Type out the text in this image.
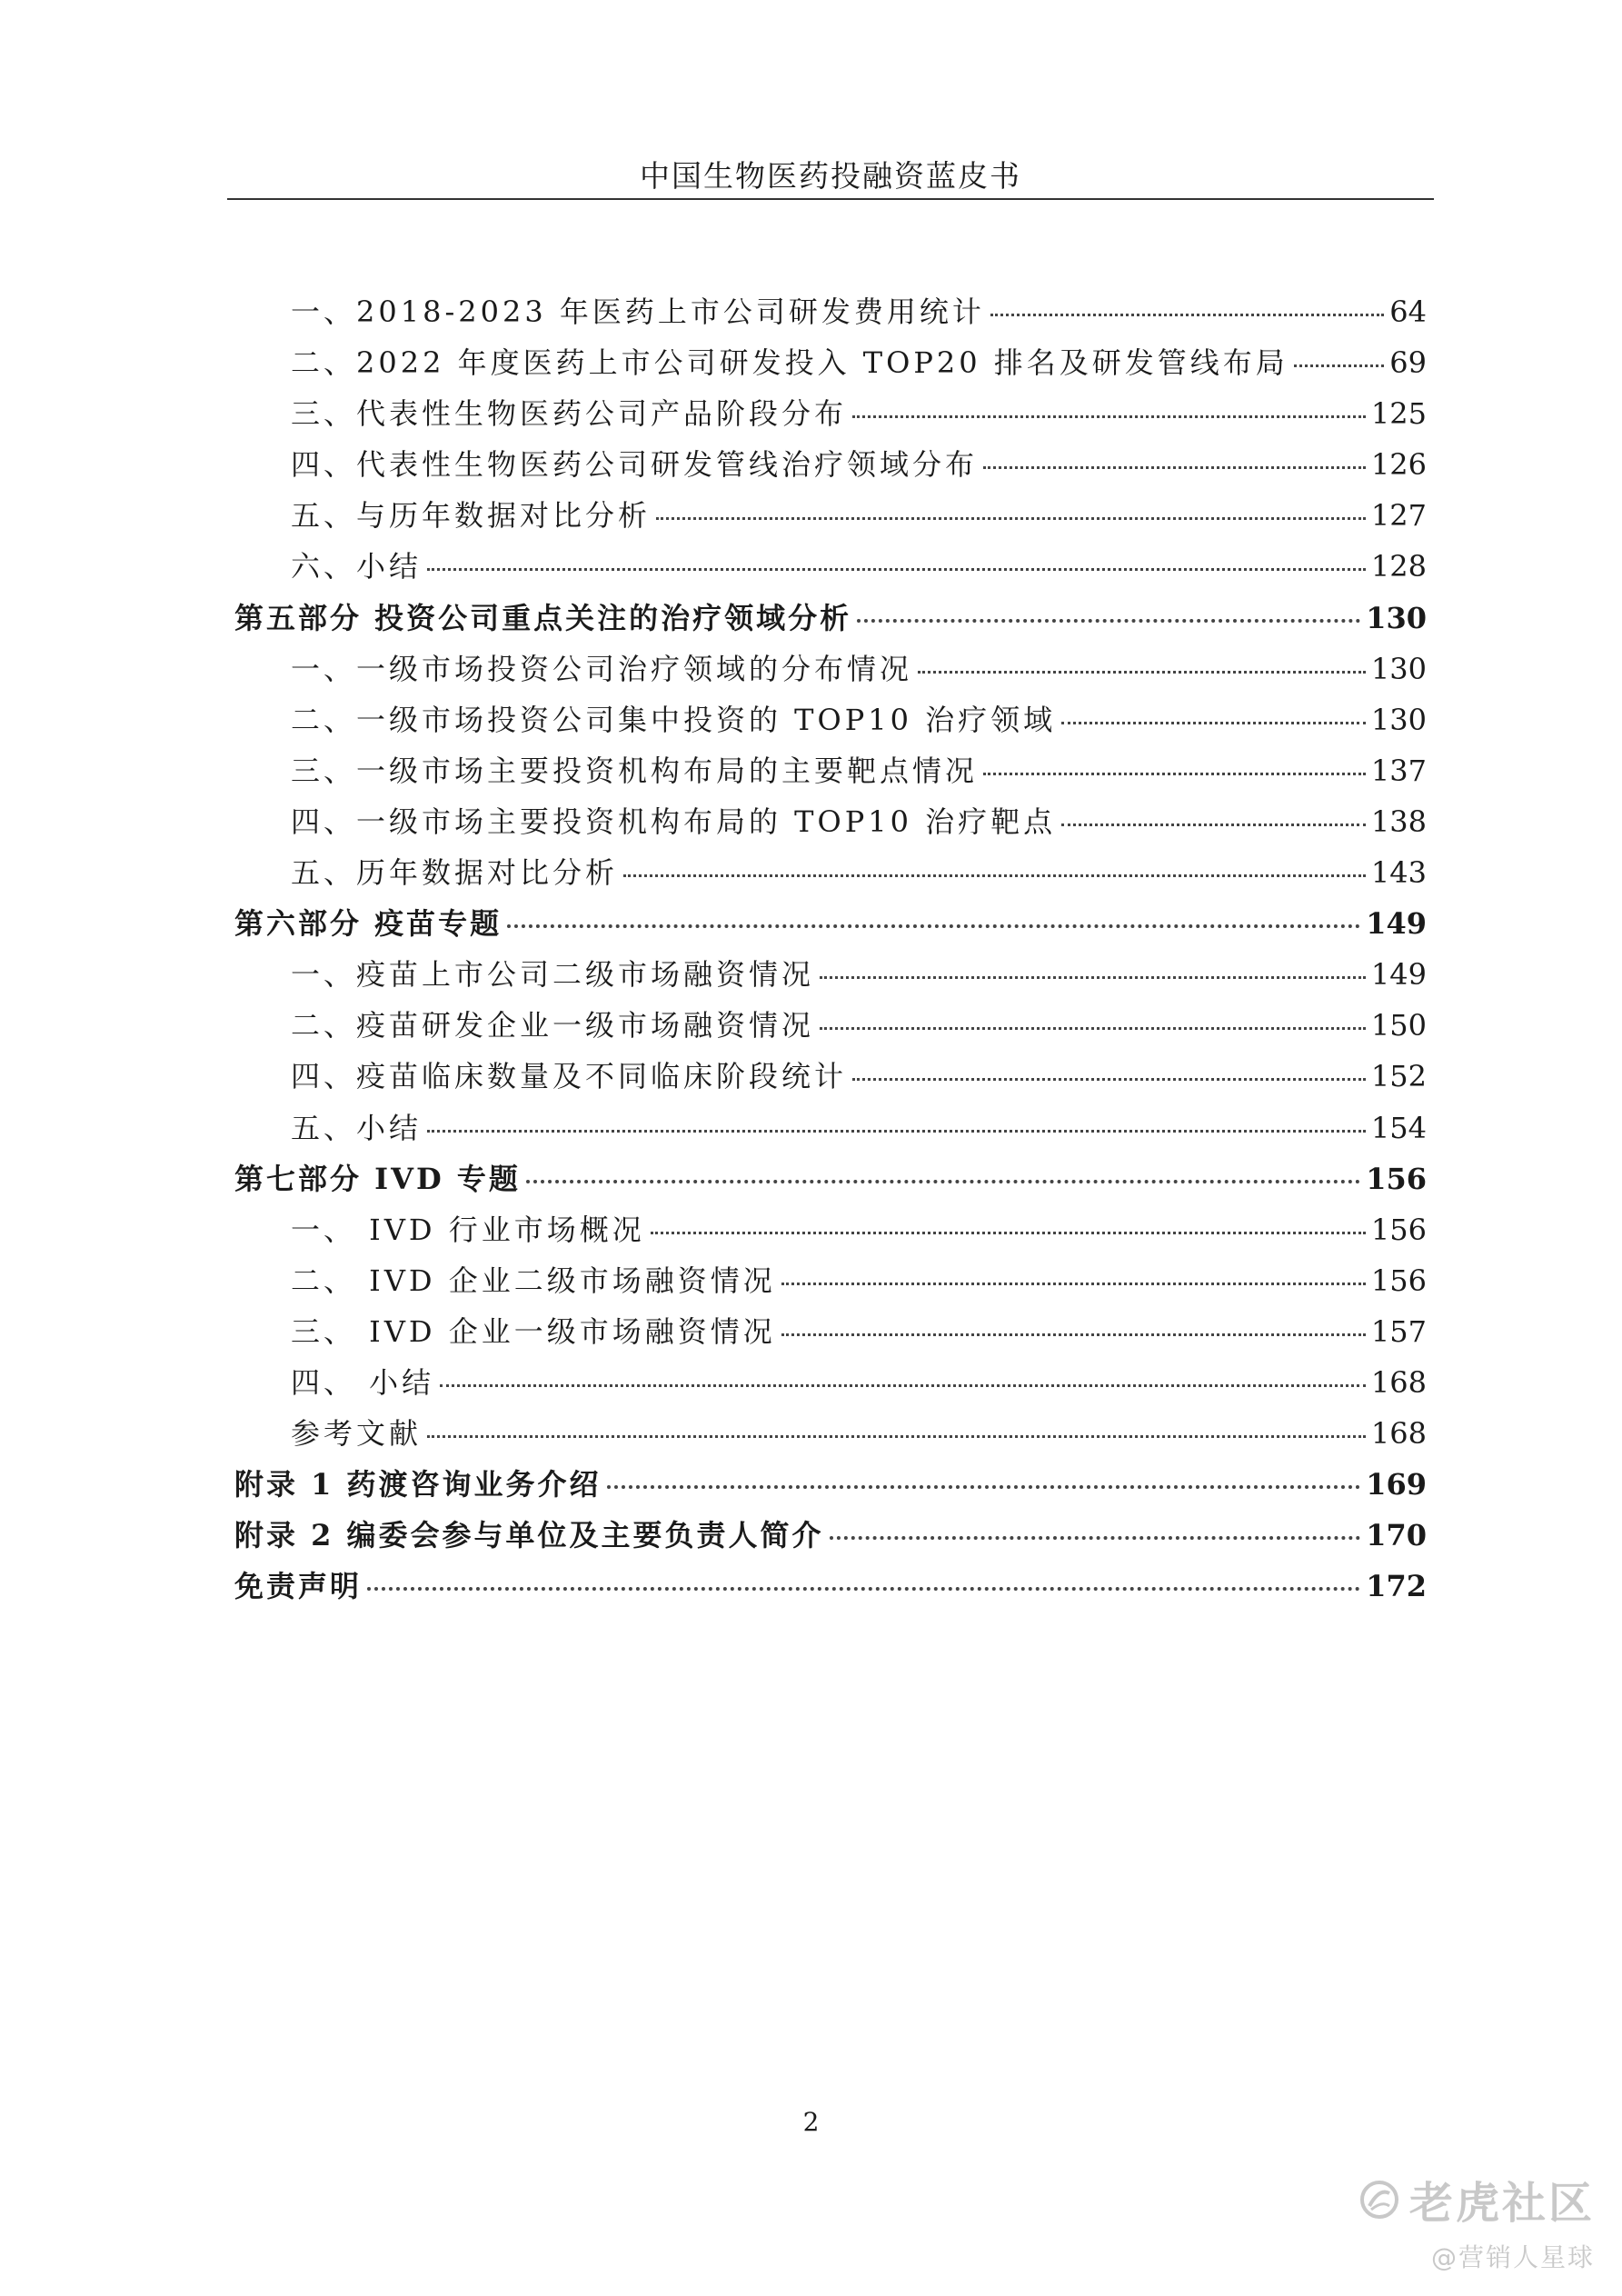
中国生物医药投融资蓝皮书
一、2018-2023 年医药上市公司研发费用统计	64
二、2022 年度医药上市公司研发投入 TOP20 排名及研发管线布局	69
三、代表性生物医药公司产品阶段分布	125
四、代表性生物医药公司研发管线治疗领域分布	126
五、与历年数据对比分析	127
六、小结	128
第五部分 投资公司重点关注的治疗领域分析	130
一、一级市场投资公司治疗领域的分布情况	130
二、一级市场投资公司集中投资的 TOP10 治疗领域	130
三、一级市场主要投资机构布局的主要靶点情况	137
四、一级市场主要投资机构布局的 TOP10 治疗靶点	138
五、历年数据对比分析	143
第六部分 疫苗专题	149
一、疫苗上市公司二级市场融资情况	149
二、疫苗研发企业一级市场融资情况	150
四、疫苗临床数量及不同临床阶段统计	152
五、小结	154
第七部分 IVD 专题	156
一、 IVD 行业市场概况	156
二、 IVD 企业二级市场融资情况	156
三、 IVD 企业一级市场融资情况	157
四、 小结	168
参考文献	168
附录 1 药渡咨询业务介绍	169
附录 2 编委会参与单位及主要负责人简介	170
免责声明	172
2
老虎社区
@营销人星球
